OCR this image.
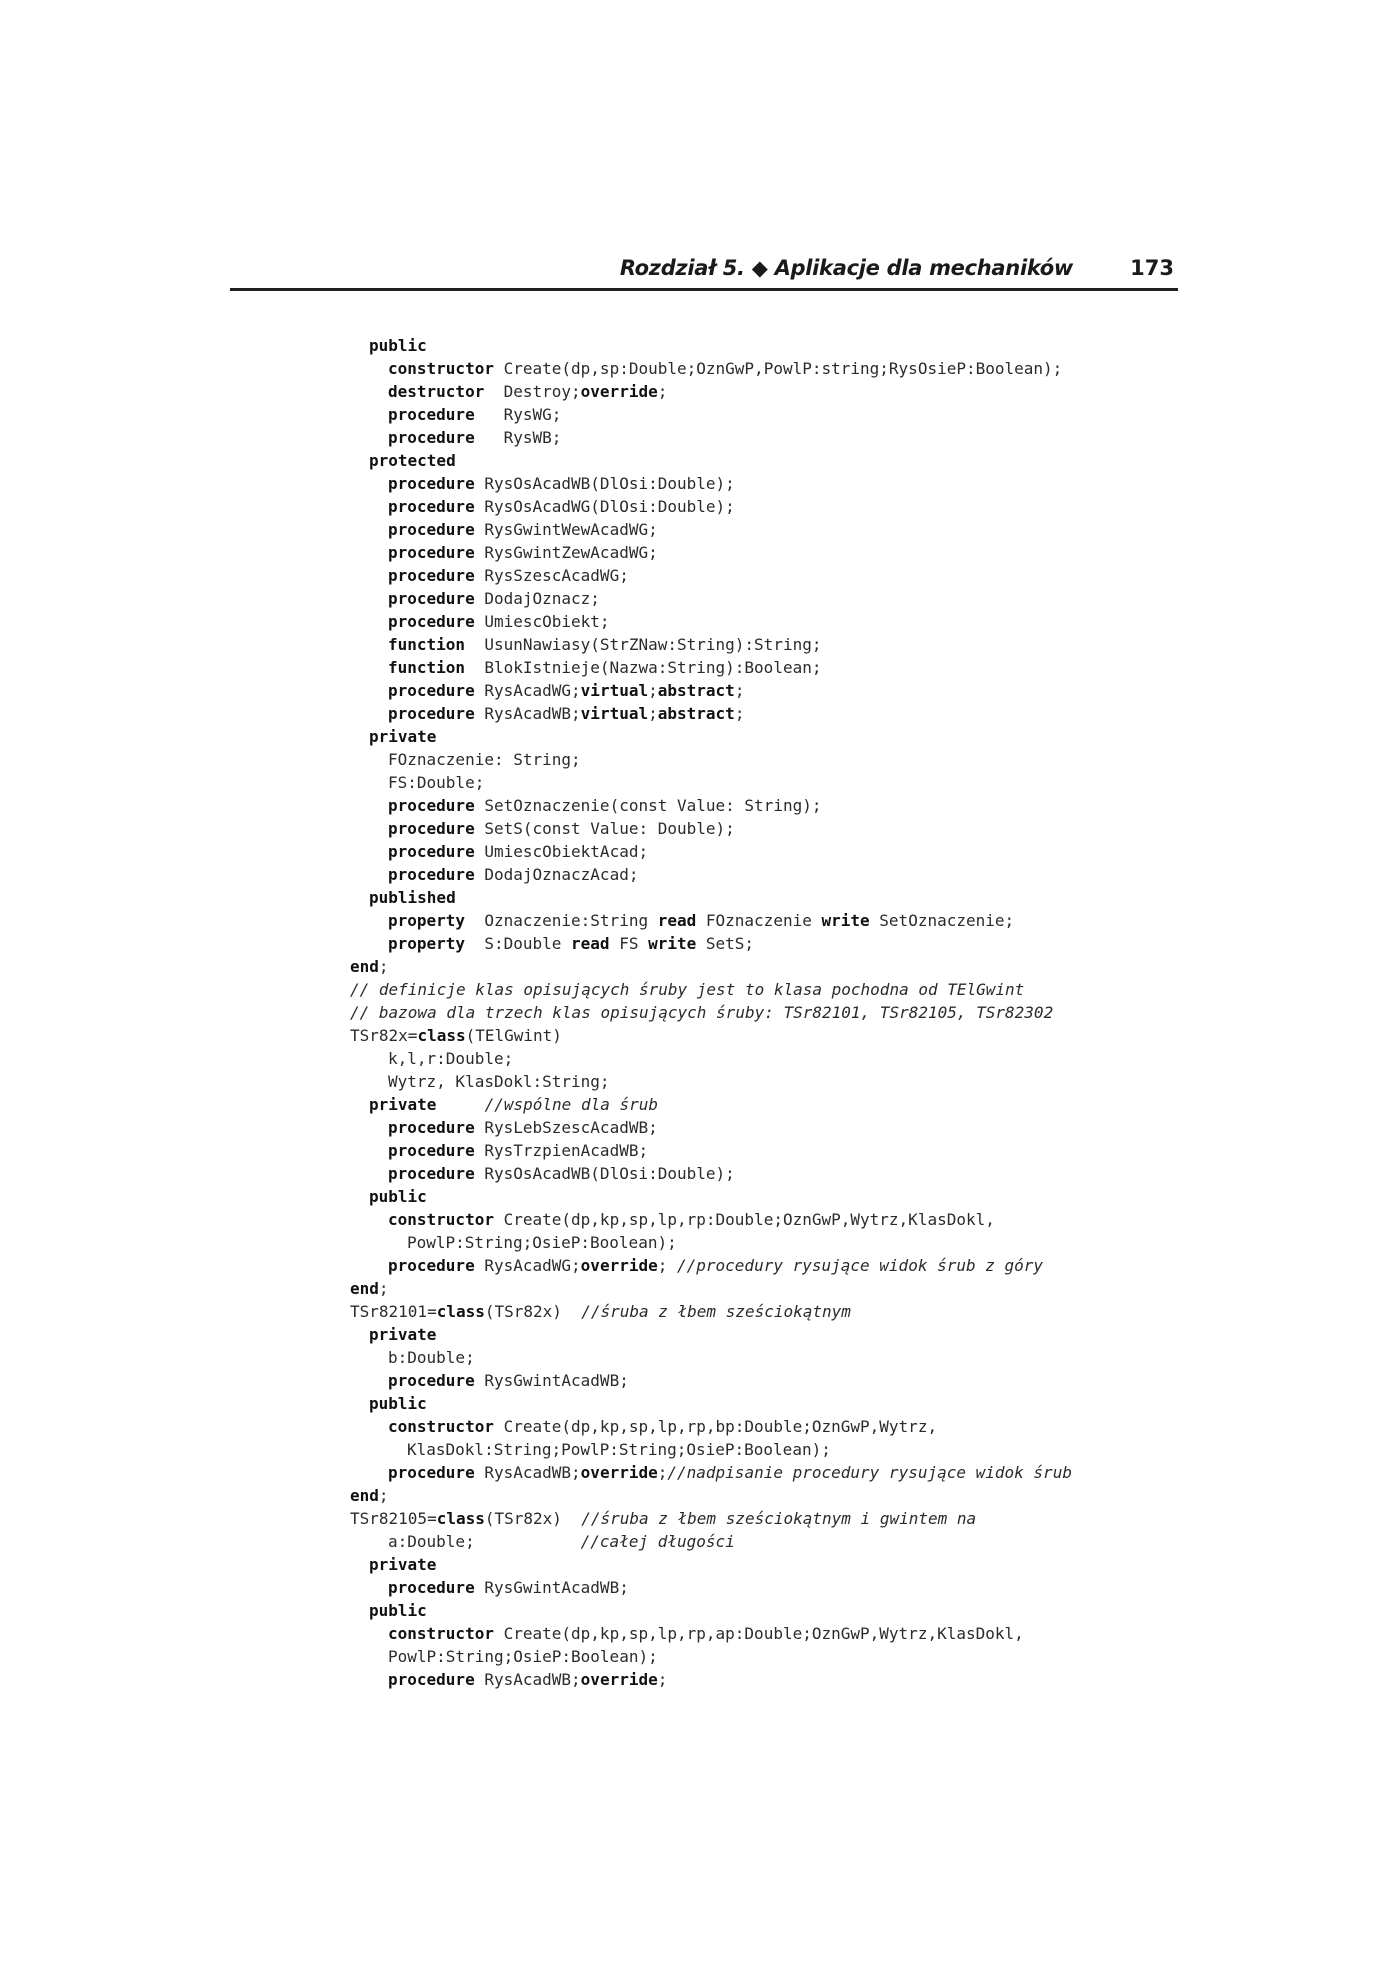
Rozdział 5. ◆ Aplikacje dla mechaników	173
public
constructor Create(dp,sp:Double;OznGwP,PowlP:string;RysOsieP:Boolean);
destructor  Destroy;override;
procedure   RysWG;
procedure   RysWB;
protected
procedure RysOsAcadWB(DlOsi:Double);
procedure RysOsAcadWG(DlOsi:Double);
procedure RysGwintWewAcadWG;
procedure RysGwintZewAcadWG;
procedure RysSzescAcadWG;
procedure DodajOznacz;
procedure UmiescObiekt;
function  UsunNawiasy(StrZNaw:String):String;
function  BlokIstnieje(Nazwa:String):Boolean;
procedure RysAcadWG;virtual;abstract;
procedure RysAcadWB;virtual;abstract;
private
FOznaczenie: String;
FS:Double;
procedure SetOznaczenie(const Value: String);
procedure SetS(const Value: Double);
procedure UmiescObiektAcad;
procedure DodajOznaczAcad;
published
property  Oznaczenie:String read FOznaczenie write SetOznaczenie;
property  S:Double read FS write SetS;
end;
// definicje klas opisujących śruby jest to klasa pochodna od TElGwint
// bazowa dla trzech klas opisujących śruby: TSr82101, TSr82105, TSr82302
TSr82x=class(TElGwint)
k,l,r:Double;
Wytrz, KlasDokl:String;
private	//wspólne dla śrub
procedure RysLebSzescAcadWB;
procedure RysTrzpienAcadWB;
procedure RysOsAcadWB(DlOsi:Double);
public
constructor Create(dp,kp,sp,lp,rp:Double;OznGwP,Wytrz,KlasDokl,
PowlP:String;OsieP:Boolean);
procedure RysAcadWG;override; //procedury rysujące widok śrub z góry
end;
TSr82101=class(TSr82x)  //śruba z łbem sześciokątnym
private
b:Double;
procedure RysGwintAcadWB;
public
constructor Create(dp,kp,sp,lp,rp,bp:Double;OznGwP,Wytrz,
KlasDokl:String;PowlP:String;OsieP:Boolean);
procedure RysAcadWB;override;//nadpisanie procedury rysujące widok śrub
end;
TSr82105=class(TSr82x)  //śruba z łbem sześciokątnym i gwintem na
a:Double;           //całej długości
private
procedure RysGwintAcadWB;
public
constructor Create(dp,kp,sp,lp,rp,ap:Double;OznGwP,Wytrz,KlasDokl,
PowlP:String;OsieP:Boolean);
procedure RysAcadWB;override;
